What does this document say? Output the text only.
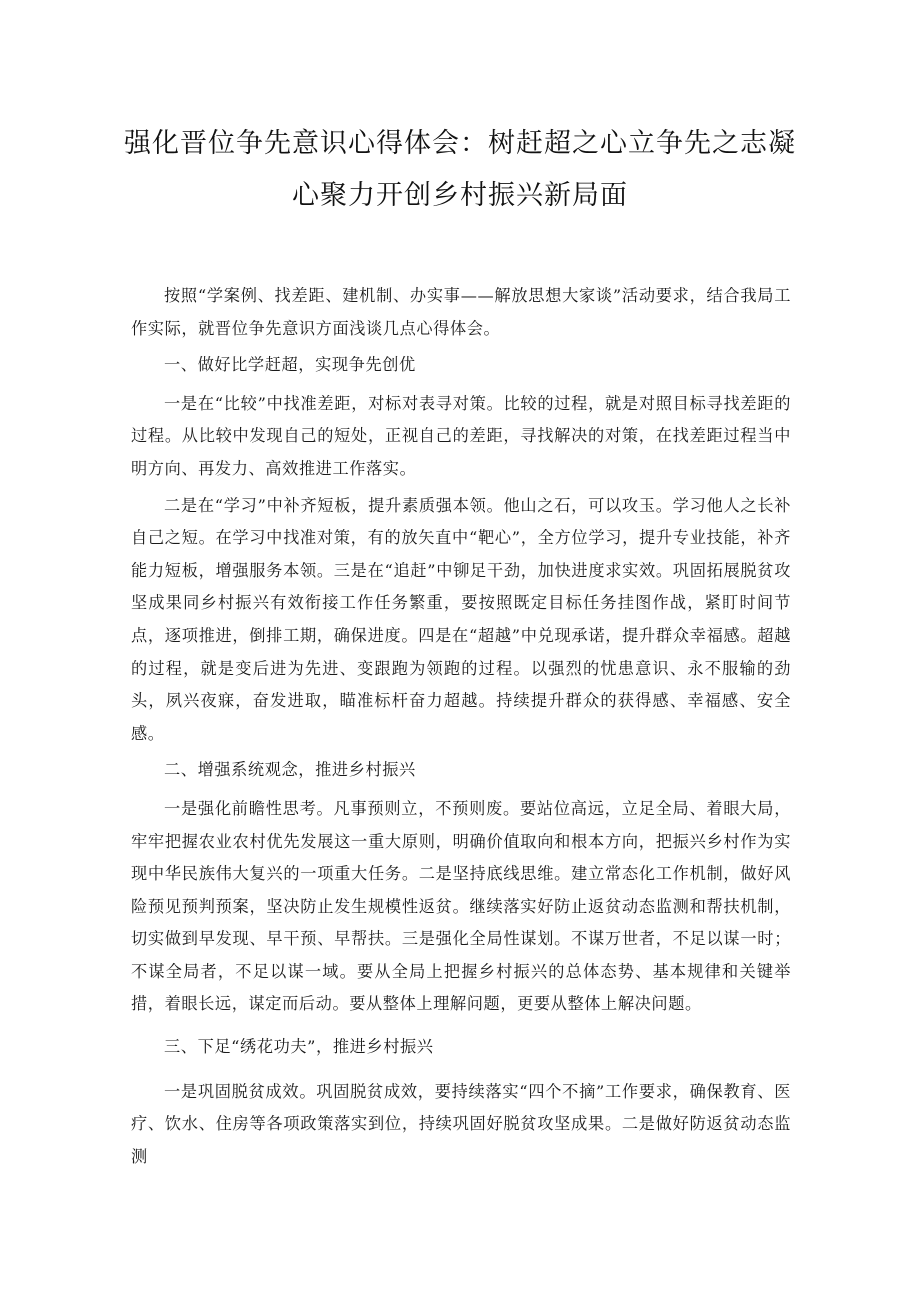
强化晋位争先意识心得体会：树赶超之心立争先之志凝
心聚力开创乡村振兴新局面

按照“学案例、找差距、建机制、办实事——解放思想大家谈”活动要求，结合我局工作实际，就晋位争先意识方面浅谈几点心得体会。

一、做好比学赶超，实现争先创优

一是在“比较”中找准差距，对标对表寻对策。比较的过程，就是对照目标寻找差距的过程。从比较中发现自己的短处，正视自己的差距，寻找解决的对策，在找差距过程当中明方向、再发力、高效推进工作落实。

二是在“学习”中补齐短板，提升素质强本领。他山之石，可以攻玉。学习他人之长补自己之短。在学习中找准对策，有的放矢直中“靶心”，全方位学习，提升专业技能，补齐能力短板，增强服务本领。三是在“追赶”中铆足干劲，加快进度求实效。巩固拓展脱贫攻坚成果同乡村振兴有效衔接工作任务繁重，要按照既定目标任务挂图作战，紧盯时间节点，逐项推进，倒排工期，确保进度。四是在“超越”中兑现承诺，提升群众幸福感。超越的过程，就是变后进为先进、变跟跑为领跑的过程。以强烈的忧患意识、永不服输的劲头，夙兴夜寐，奋发进取，瞄准标杆奋力超越。持续提升群众的获得感、幸福感、安全感。

二、增强系统观念，推进乡村振兴

一是强化前瞻性思考。凡事预则立，不预则废。要站位高远，立足全局、着眼大局，牢牢把握农业农村优先发展这一重大原则，明确价值取向和根本方向，把振兴乡村作为实现中华民族伟大复兴的一项重大任务。二是坚持底线思维。建立常态化工作机制，做好风险预见预判预案，坚决防止发生规模性返贫。继续落实好防止返贫动态监测和帮扶机制，切实做到早发现、早干预、早帮扶。三是强化全局性谋划。不谋万世者，不足以谋一时；不谋全局者，不足以谋一域。要从全局上把握乡村振兴的总体态势、基本规律和关键举措，着眼长远，谋定而后动。要从整体上理解问题，更要从整体上解决问题。

三、下足“绣花功夫”，推进乡村振兴

一是巩固脱贫成效。巩固脱贫成效，要持续落实“四个不摘”工作要求，确保教育、医疗、饮水、住房等各项政策落实到位，持续巩固好脱贫攻坚成果。二是做好防返贫动态监测
